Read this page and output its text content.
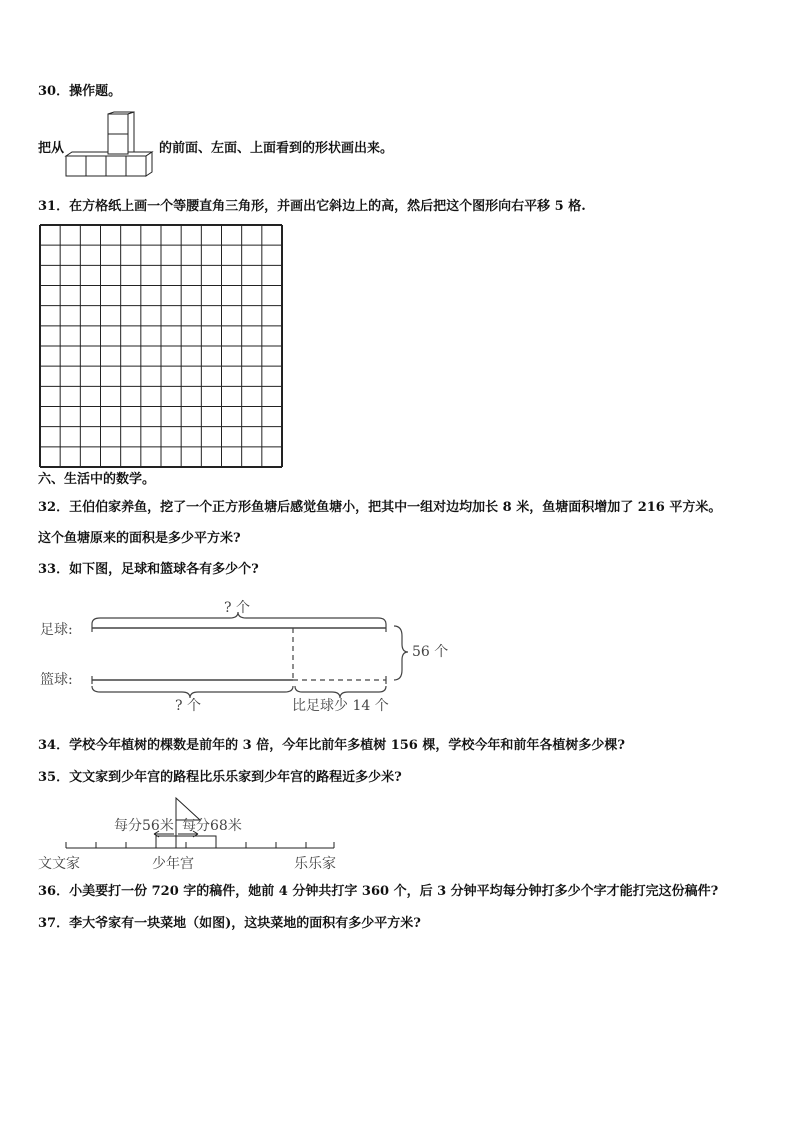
30．操作题。
把从	的前面、左面、上面看到的形状画出来。
31．在方格纸上画一个等腰直角三角形，并画出它斜边上的高，然后把这个图形向右平移 5 格.
六、生活中的数学。
32．王伯伯家养鱼，挖了一个正方形鱼塘后感觉鱼塘小，把其中一组对边均加长 8 米，鱼塘面积增加了 216 平方米。
这个鱼塘原来的面积是多少平方米?
33．如下图，足球和篮球各有多少个?
足球:
篮球:
? 个
56 个
? 个	比足球少 14 个
34．学校今年植树的棵数是前年的 3 倍，今年比前年多植树 156 棵，学校今年和前年各植树多少棵?
35．文文家到少年宫的路程比乐乐家到少年宫的路程近多少米?
每分56米 每分68米
文文家	少年宫	乐乐家
36．小美要打一份 720 字的稿件，她前 4 分钟共打字 360 个，后 3 分钟平均每分钟打多少个字才能打完这份稿件?
37．李大爷家有一块菜地（如图)，这块菜地的面积有多少平方米?
